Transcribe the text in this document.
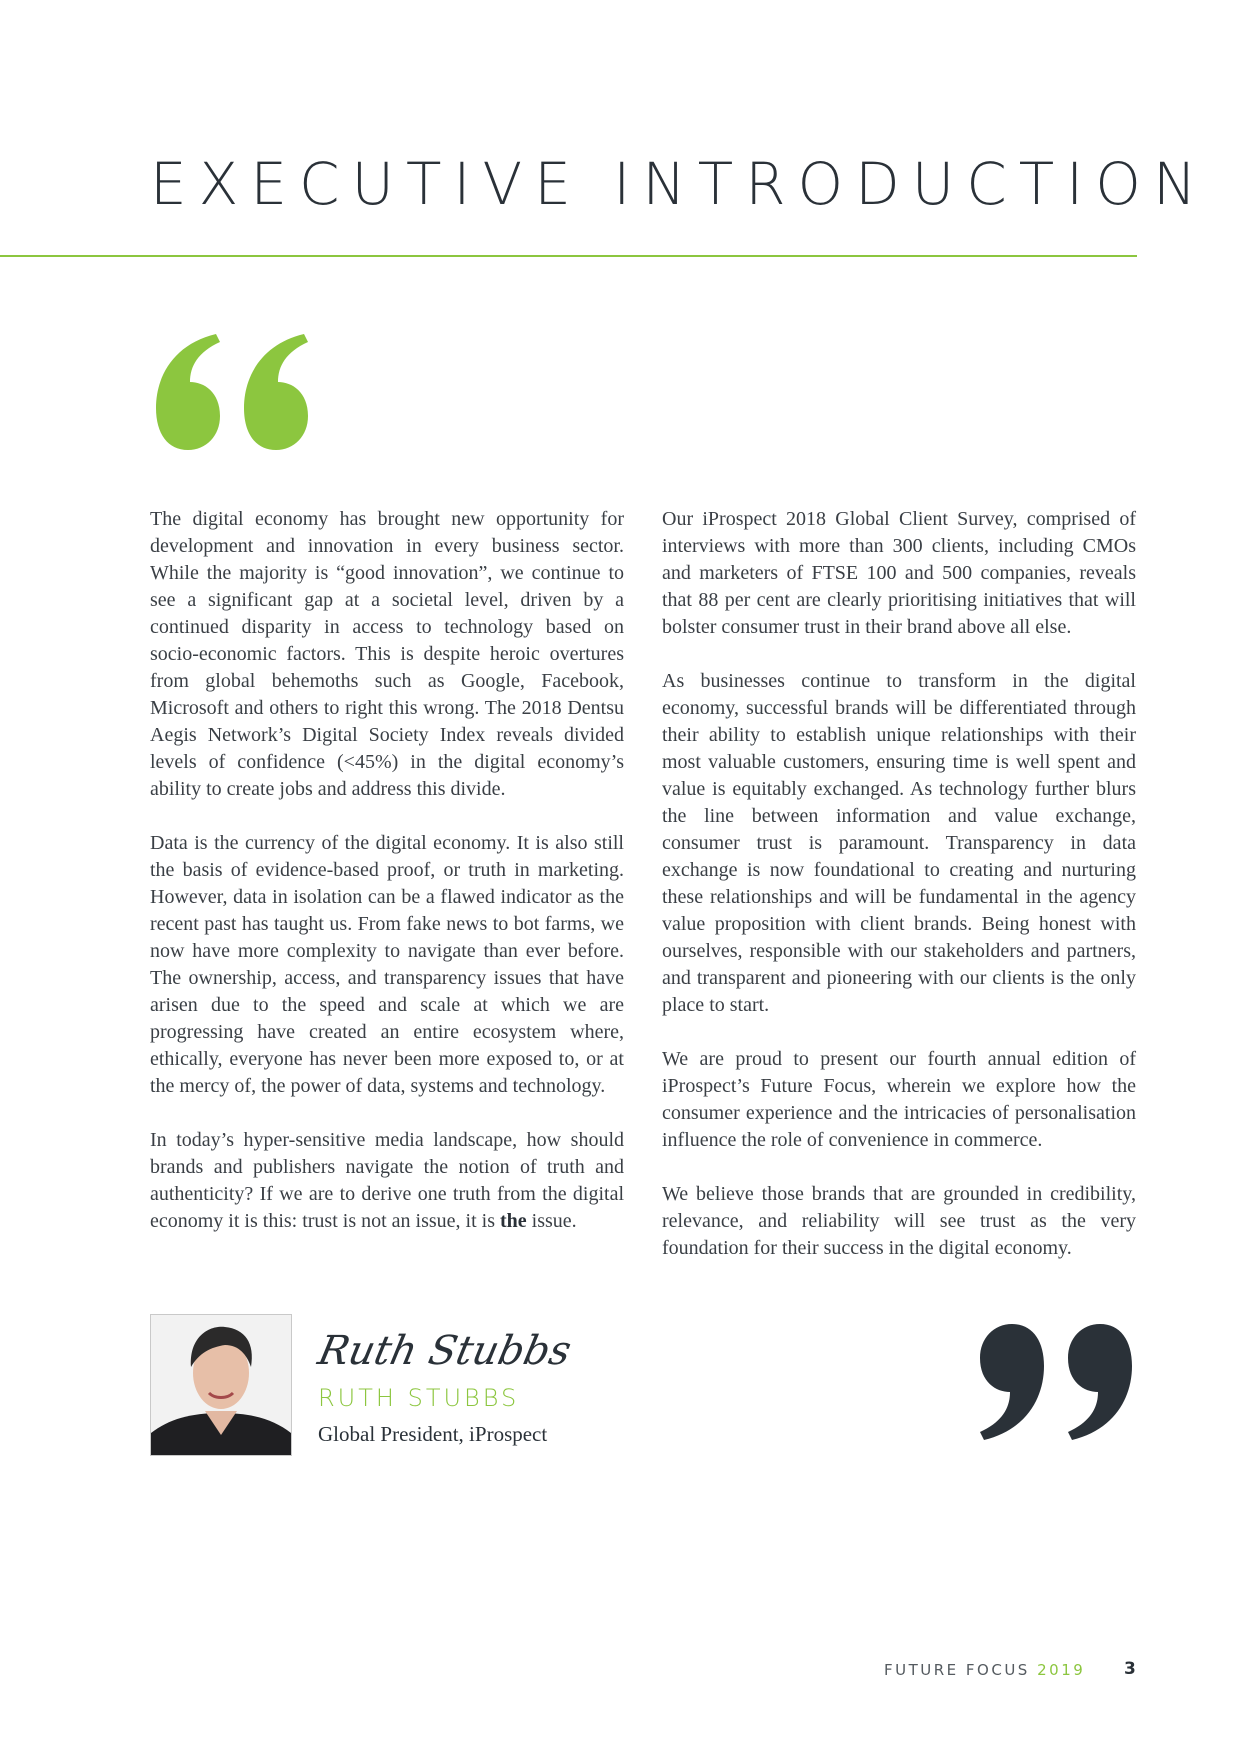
EXECUTIVE INTRODUCTION

The digital economy has brought new opportunity for development and innovation in every business sector. While the majority is “good innovation”, we continue to see a significant gap at a societal level, driven by a continued disparity in access to technology based on socio-economic factors. This is despite heroic overtures from global behemoths such as Google, Facebook, Microsoft and others to right this wrong. The 2018 Dentsu Aegis Network’s Digital Society Index reveals divided levels of confidence (<45%) in the digital economy’s ability to create jobs and address this divide.

Data is the currency of the digital economy. It is also still the basis of evidence-based proof, or truth in marketing. However, data in isolation can be a flawed indicator as the recent past has taught us. From fake news to bot farms, we now have more complexity to navigate than ever before. The ownership, access, and transparency issues that have arisen due to the speed and scale at which we are progressing have created an entire ecosystem where, ethically, everyone has never been more exposed to, or at the mercy of, the power of data, systems and technology.

In today’s hyper-sensitive media landscape, how should brands and publishers navigate the notion of truth and authenticity? If we are to derive one truth from the digital economy it is this: trust is not an issue, it is the issue.

Our iProspect 2018 Global Client Survey, comprised of interviews with more than 300 clients, including CMOs and marketers of FTSE 100 and 500 companies, reveals that 88 per cent are clearly prioritising initiatives that will bolster consumer trust in their brand above all else.

As businesses continue to transform in the digital economy, successful brands will be differentiated through their ability to establish unique relationships with their most valuable customers, ensuring time is well spent and value is equitably exchanged. As technology further blurs the line between information and value exchange, consumer trust is paramount. Transparency in data exchange is now foundational to creating and nurturing these relationships and will be fundamental in the agency value proposition with client brands. Being honest with ourselves, responsible with our stakeholders and partners, and transparent and pioneering with our clients is the only place to start.

We are proud to present our fourth annual edition of iProspect’s Future Focus, wherein we explore how the consumer experience and the intricacies of personalisation influence the role of convenience in commerce.

We believe those brands that are grounded in credibility, relevance, and reliability will see trust as the very foundation for their success in the digital economy.

Ruth Stubbs
RUTH STUBBS
Global President, iProspect
FUTURE FOCUS 2019 3
